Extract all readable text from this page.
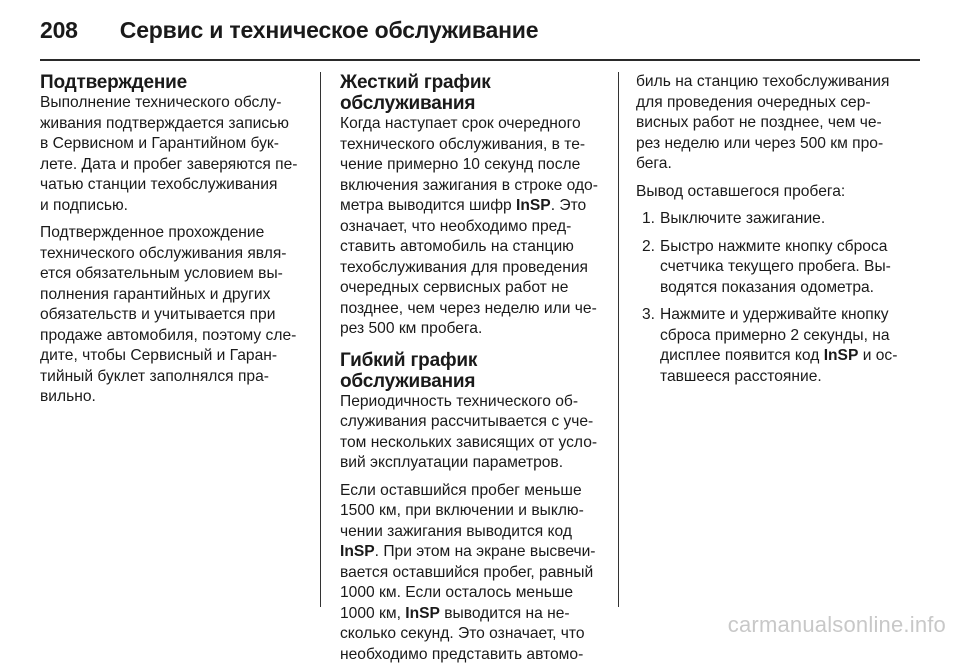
208 Сервис и техническое обслуживание
Подтверждение

Выполнение технического обслу-
живания подтверждается записью
в Сервисном и Гарантийном бук-
лете. Дата и пробег заверяются пе-
чатью станции техобслуживания
и подписью.

Подтвержденное прохождение
технического обслуживания явля-
ется обязательным условием вы-
полнения гарантийных и других
обязательств и учитывается при
продаже автомобиля, поэтому сле-
дите, чтобы Сервисный и Гаран-
тийный буклет заполнялся пра-
вильно.

Жесткий график
обслуживания

Когда наступает срок очередного
технического обслуживания, в те-
чение примерно 10 секунд после
включения зажигания в строке одо-
метра выводится шифр InSP. Это
означает, что необходимо пред-
ставить автомобиль на станцию
техобслуживания для проведения
очередных сервисных работ не
позднее, чем через неделю или че-
рез 500 км пробега.

Гибкий график обслуживания

Периодичность технического об-
служивания рассчитывается с уче-
том нескольких зависящих от усло-
вий эксплуатации параметров.

Если оставшийся пробег меньше
1500 км, при включении и выклю-
чении зажигания выводится код
InSP. При этом на экране высвечи-
вается оставшийся пробег, равный
1000 км. Если осталось меньше
1000 км, InSP выводится на не-
сколько секунд. Это означает, что
необходимо представить автомо-

биль на станцию техобслуживания
для проведения очередных сер-
висных работ не позднее, чем че-
рез неделю или через 500 км про-
бега.

Вывод оставшегося пробега:

1. Выключите зажигание.
2. Быстро нажмите кнопку сброса
счетчика текущего пробега. Вы-
водятся показания одометра.
3. Нажмите и удерживайте кнопку
сброса примерно 2 секунды, на
дисплее появится код InSP и ос-
тавшееся расстояние.
carmanualsonline.info
